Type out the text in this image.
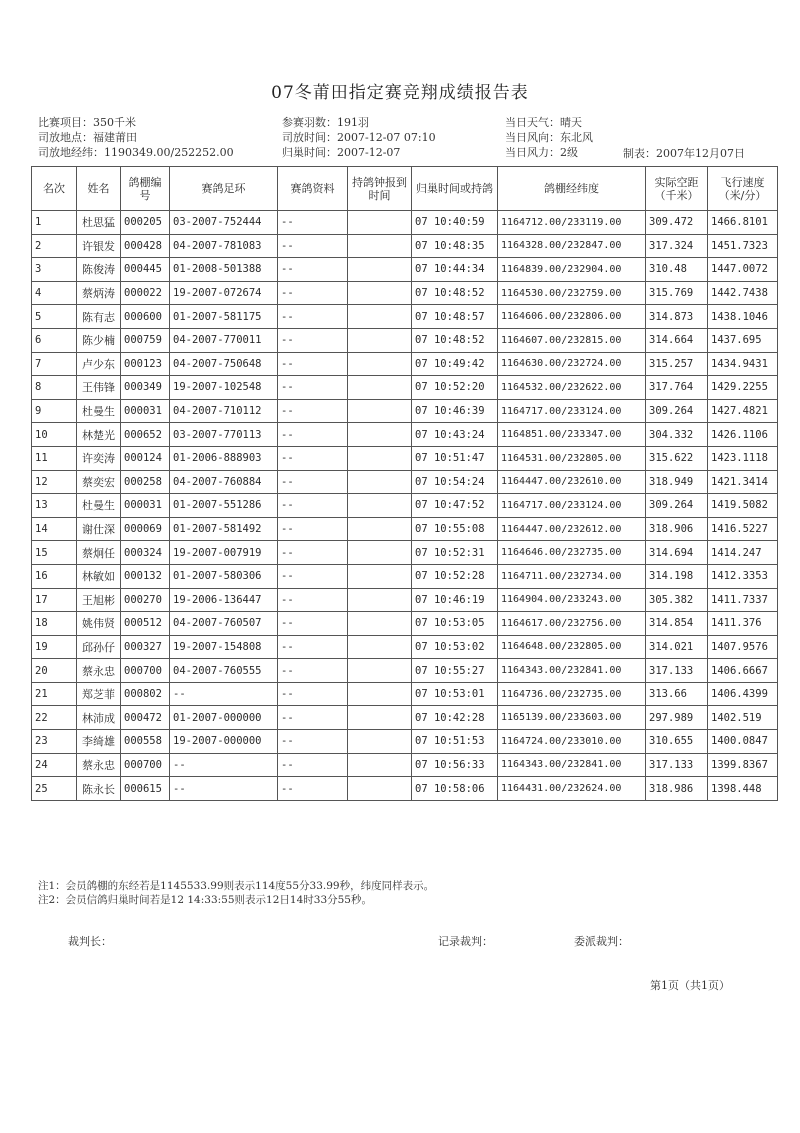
07冬莆田指定赛竞翔成绩报告表
比赛项目：350千米
司放地点：福建莆田
司放地经纬：1190349.00/252252.00
参赛羽数：191羽
司放时间：2007-12-07 07:10
归巢时间：2007-12-07
当日天气：晴天
当日风向：东北风
当日风力：2级	制表：2007年12月07日
名次	姓名	鸽棚编号	赛鸽足环	赛鸽资料	持鸽钟报到时间	归巢时间或持鸽	鸽棚经纬度	实际空距（千米）	飞行速度（米/分）
1	杜思猛	000205	03-2007-752444	--		07 10:40:59	1164712.00/233119.00	309.472	1466.8101
2	许银发	000428	04-2007-781083	--		07 10:48:35	1164328.00/232847.00	317.324	1451.7323
3	陈俊涛	000445	01-2008-501388	--		07 10:44:34	1164839.00/232904.00	310.48	1447.0072
4	蔡炳涛	000022	19-2007-072674	--		07 10:48:52	1164530.00/232759.00	315.769	1442.7438
5	陈有志	000600	01-2007-581175	--		07 10:48:57	1164606.00/232806.00	314.873	1438.1046
6	陈少楠	000759	04-2007-770011	--		07 10:48:52	1164607.00/232815.00	314.664	1437.695
7	卢少东	000123	04-2007-750648	--		07 10:49:42	1164630.00/232724.00	315.257	1434.9431
8	王伟锋	000349	19-2007-102548	--		07 10:52:20	1164532.00/232622.00	317.764	1429.2255
9	杜曼生	000031	04-2007-710112	--		07 10:46:39	1164717.00/233124.00	309.264	1427.4821
10	林楚光	000652	03-2007-770113	--		07 10:43:24	1164851.00/233347.00	304.332	1426.1106
11	许奕涛	000124	01-2006-888903	--		07 10:51:47	1164531.00/232805.00	315.622	1423.1118
12	蔡奕宏	000258	04-2007-760884	--		07 10:54:24	1164447.00/232610.00	318.949	1421.3414
13	杜曼生	000031	01-2007-551286	--		07 10:47:52	1164717.00/233124.00	309.264	1419.5082
14	谢仕深	000069	01-2007-581492	--		07 10:55:08	1164447.00/232612.00	318.906	1416.5227
15	蔡炯任	000324	19-2007-007919	--		07 10:52:31	1164646.00/232735.00	314.694	1414.247
16	林敏如	000132	01-2007-580306	--		07 10:52:28	1164711.00/232734.00	314.198	1412.3353
17	王旭彬	000270	19-2006-136447	--		07 10:46:19	1164904.00/233243.00	305.382	1411.7337
18	姚伟贤	000512	04-2007-760507	--		07 10:53:05	1164617.00/232756.00	314.854	1411.376
19	邱孙仔	000327	19-2007-154808	--		07 10:53:02	1164648.00/232805.00	314.021	1407.9576
20	蔡永忠	000700	04-2007-760555	--		07 10:55:27	1164343.00/232841.00	317.133	1406.6667
21	郑芝菲	000802	--	--		07 10:53:01	1164736.00/232735.00	313.66	1406.4399
22	林沛成	000472	01-2007-000000	--		07 10:42:28	1165139.00/233603.00	297.989	1402.519
23	李绮雄	000558	19-2007-000000	--		07 10:51:53	1164724.00/233010.00	310.655	1400.0847
24	蔡永忠	000700	--	--		07 10:56:33	1164343.00/232841.00	317.133	1399.8367
25	陈永长	000615	--	--		07 10:58:06	1164431.00/232624.00	318.986	1398.448
注1：会员鸽棚的东经若是1145533.99则表示114度55分33.99秒，纬度同样表示。
注2：会员信鸽归巢时间若是12 14:33:55则表示12日14时33分55秒。
裁判长：	记录裁判：	委派裁判：
第1页（共1页）
